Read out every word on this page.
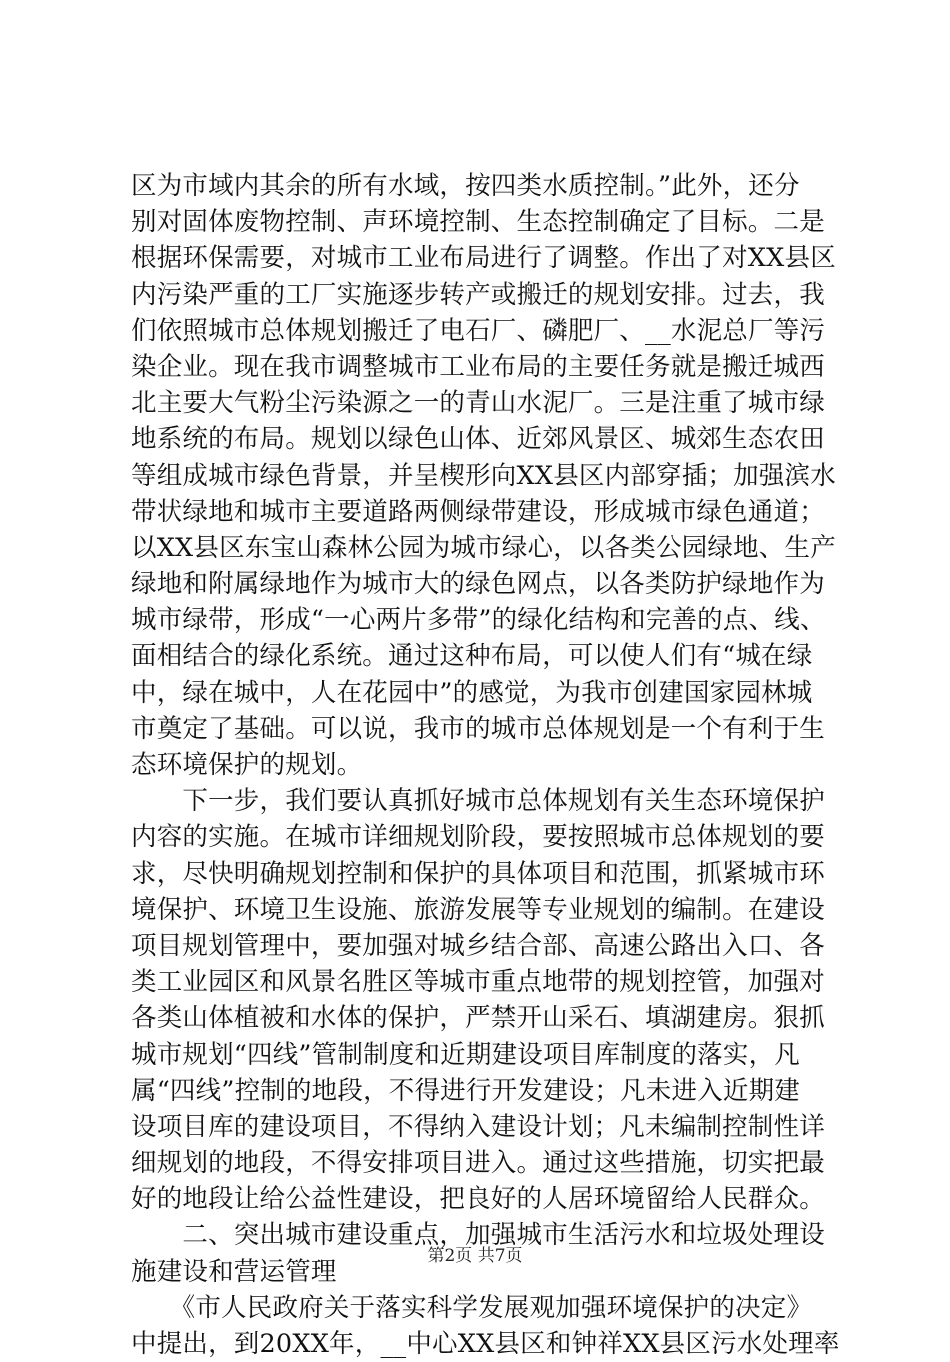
区为市域内其余的所有水域，按四类水质控制。”此外，还分
别对固体废物控制、声环境控制、生态控制确定了目标。二是
根据环保需要，对城市工业布局进行了调整。作出了对XX县区
内污染严重的工厂实施逐步转产或搬迁的规划安排。过去，我
们依照城市总体规划搬迁了电石厂、磷肥厂、__水泥总厂等污
染企业。现在我市调整城市工业布局的主要任务就是搬迁城西
北主要大气粉尘污染源之一的青山水泥厂。三是注重了城市绿
地系统的布局。规划以绿色山体、近郊风景区、城郊生态农田
等组成城市绿色背景，并呈楔形向XX县区内部穿插；加强滨水
带状绿地和城市主要道路两侧绿带建设，形成城市绿色通道；
以XX县区东宝山森林公园为城市绿心，以各类公园绿地、生产
绿地和附属绿地作为城市大的绿色网点，以各类防护绿地作为
城市绿带，形成“一心两片多带”的绿化结构和完善的点、线、
面相结合的绿化系统。通过这种布局，可以使人们有“城在绿
中，绿在城中，人在花园中”的感觉，为我市创建国家园林城
市奠定了基础。可以说，我市的城市总体规划是一个有利于生
态环境保护的规划。
　　下一步，我们要认真抓好城市总体规划有关生态环境保护
内容的实施。在城市详细规划阶段，要按照城市总体规划的要
求，尽快明确规划控制和保护的具体项目和范围，抓紧城市环
境保护、环境卫生设施、旅游发展等专业规划的编制。在建设
项目规划管理中，要加强对城乡结合部、高速公路出入口、各
类工业园区和风景名胜区等城市重点地带的规划控管，加强对
各类山体植被和水体的保护，严禁开山采石、填湖建房。狠抓
城市规划“四线”管制制度和近期建设项目库制度的落实，凡
属“四线”控制的地段，不得进行开发建设；凡未进入近期建
设项目库的建设项目，不得纳入建设计划；凡未编制控制性详
细规划的地段，不得安排项目进入。通过这些措施，切实把最
好的地段让给公益性建设，把良好的人居环境留给人民群众。
　　二、突出城市建设重点，加强城市生活污水和垃圾处理设
施建设和营运管理
　　《市人民政府关于落实科学发展观加强环境保护的决定》
中提出，到20XX年，__中心XX县区和钟祥XX县区污水处理率
第2页 共7页
